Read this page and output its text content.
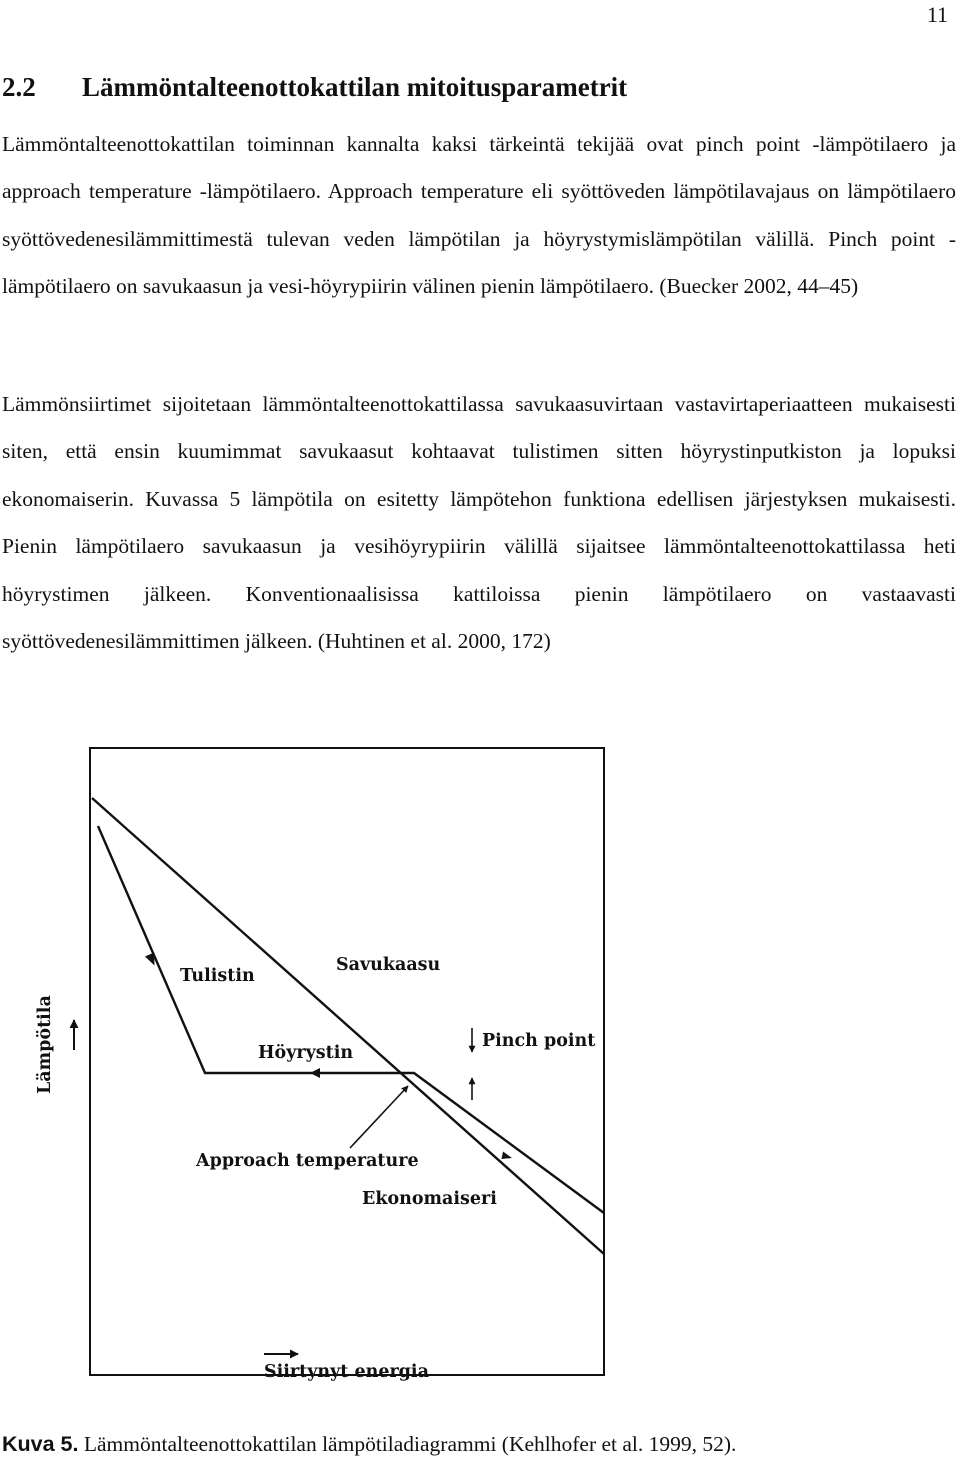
11
2.2 Lämmöntalteenottokattilan mitoitusparametrit

Lämmöntalteenottokattilan toiminnan kannalta kaksi tärkeintä tekijää ovat pinch point -lämpötilaero ja approach temperature -lämpötilaero. Approach temperature eli syöttöveden lämpötilavajaus on lämpötilaero syöttövedenesilämmittimestä tulevan veden lämpötilan ja höyrystymislämpötilan välillä. Pinch point -lämpötilaero on savukaasun ja vesi-höyrypiirin välinen pienin lämpötilaero. (Buecker 2002, 44–45)

Lämmönsiirtimet sijoitetaan lämmöntalteenottokattilassa savukaasuvirtaan vastavirtaperiaatteen mukaisesti siten, että ensin kuumimmat savukaasut kohtaavat tulistimen sitten höyrystinputkiston ja lopuksi ekonomaiserin. Kuvassa 5 lämpötila on esitetty lämpötehon funktiona edellisen järjestyksen mukaisesti. Pienin lämpötilaero savukaasun ja vesihöyrypiirin välillä sijaitsee lämmöntalteenottokattilassa heti höyrystimen jälkeen. Konventionaalisissa kattiloissa pienin lämpötilaero on vastaavasti syöttövedenesilämmittimen jälkeen. (Huhtinen et al. 2000, 172)

Tulistin
Savukaasu
Höyrystin
Pinch point
Approach temperature
Ekonomaiseri
Lämpötila
Siirtynyt energia

Kuva 5. Lämmöntalteenottokattilan lämpötiladiagrammi (Kehlhofer et al. 1999, 52).
